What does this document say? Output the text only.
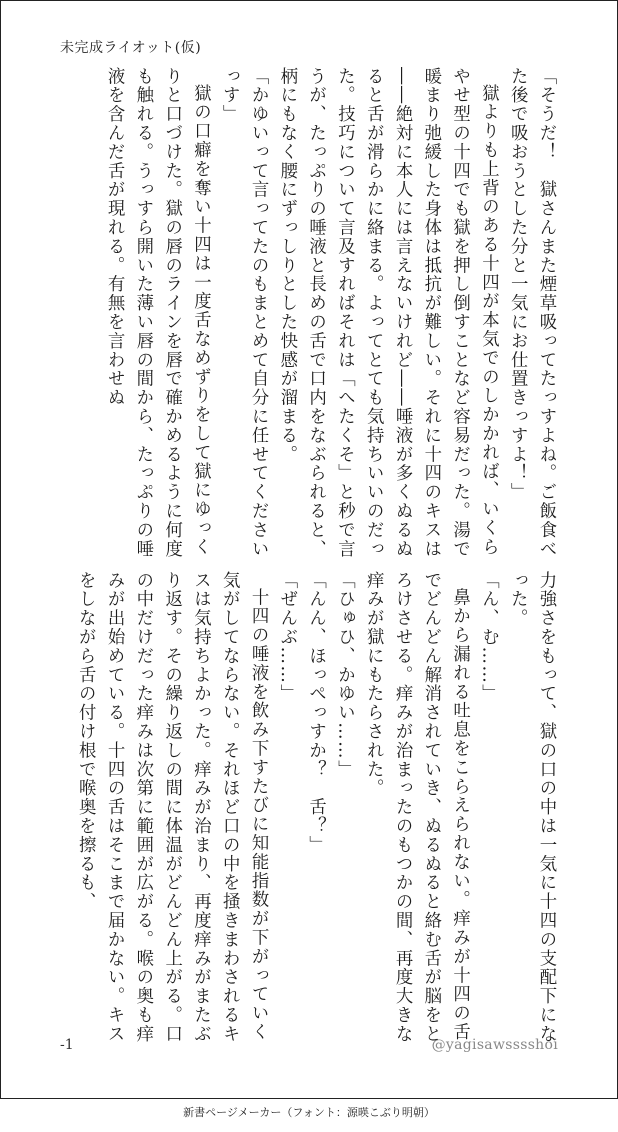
未完成ライオット(仮)

「そうだ！　獄さんまた煙草吸ってたっすよね。ご飯食べた後で吸おうとした分と一気にお仕置きっすよ！」

獄よりも上背のある十四が本気でのしかかれば、いくらやせ型の十四でも獄を押し倒すことなど容易だった。湯で暖まり弛緩した身体は抵抗が難しい。それに十四のキスは――絶対に本人には言えないけれど――唾液が多くぬるぬると舌が滑らかに絡まる。よってとても気持ちいいのだった。技巧について言及すればそれは「へたくそ」と秒で言うが、たっぷりの唾液と長めの舌で口内をなぶられると、柄にもなく腰にずっしりとした快感が溜まる。

「かゆいって言ってたのもまとめて自分に任せてくださいっす」

獄の口癖を奪い十四は一度舌なめずりをして獄にゆっくりと口づけた。獄の唇のラインを唇で確かめるように何度も触れる。うっすら開いた薄い唇の間から、たっぷりの唾液を含んだ舌が現れる。有無を言わせぬ

力強さをもって、獄の口の中は一気に十四の支配下になった。

「ん、む……」

鼻から漏れる吐息をこらえられない。痒みが十四の舌でどんどん解消されていき、ぬるぬると絡む舌が脳をとろけさせる。痒みが治まったのもつかの間、再度大きな痒みが獄にもたらされた。

「ひゅひ、かゆい……」

「んん、ほっぺっすか？　舌？」

「ぜんぶ……」

十四の唾液を飲み下すたびに知能指数が下がっていく気がしてならない。それほど口の中を掻きまわされるキスは気持ちよかった。痒みが治まり、再度痒みがまたぶり返す。その繰り返しの間に体温がどんどん上がる。口の中だけだった痒みは次第に範囲が広がる。喉の奥も痒みが出始めている。十四の舌はそこまで届かない。キスをしながら舌の付け根で喉奥を擦るも、

-1	@yagisawsssshoi
新書ページメーカー（フォント：源暎こぶり明朝）
